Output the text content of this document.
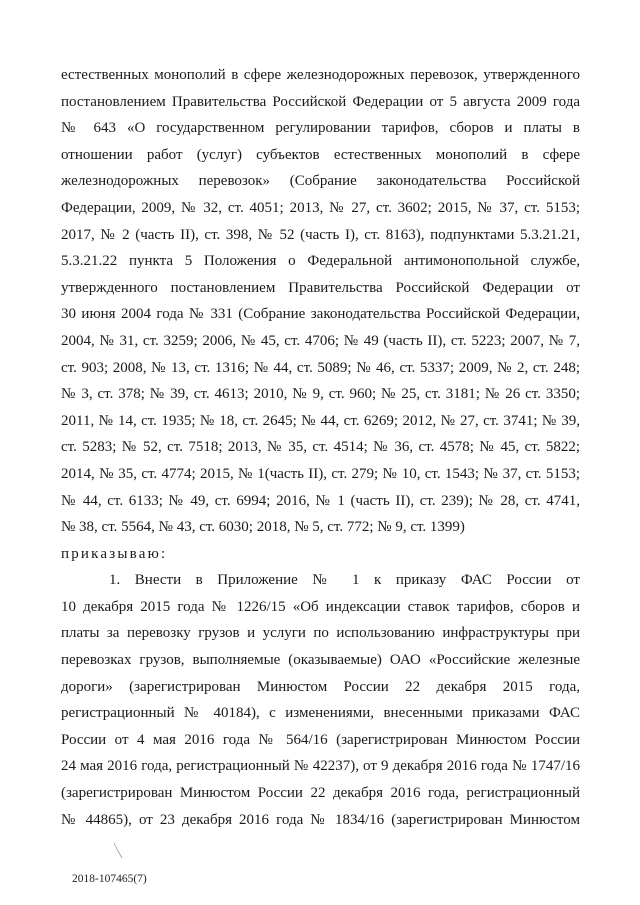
естественных монополий в сфере железнодорожных перевозок, утвержденного
постановлением Правительства Российской Федерации от 5 августа 2009 года
№ 643 «О государственном регулировании тарифов, сборов и платы в
отношении работ (услуг) субъектов естественных монополий в сфере
железнодорожных перевозок» (Собрание законодательства Российской
Федерации, 2009, № 32, ст. 4051; 2013, № 27, ст. 3602; 2015, № 37, ст. 5153;
2017, № 2 (часть II), ст. 398, № 52 (часть I), ст. 8163), подпунктами 5.3.21.21,
5.3.21.22 пункта 5 Положения о Федеральной антимонопольной службе,
утвержденного постановлением Правительства Российской Федерации от
30 июня 2004 года № 331 (Собрание законодательства Российской Федерации,
2004, № 31, ст. 3259; 2006, № 45, ст. 4706; № 49 (часть II), ст. 5223; 2007, № 7,
ст. 903; 2008, № 13, ст. 1316; № 44, ст. 5089; № 46, ст. 5337; 2009, № 2, ст. 248;
№ 3, ст. 378; № 39, ст. 4613; 2010, № 9, ст. 960; № 25, ст. 3181; № 26 ст. 3350;
2011, № 14, ст. 1935; № 18, ст. 2645; № 44, ст. 6269; 2012, № 27, ст. 3741; № 39,
ст. 5283; № 52, ст. 7518; 2013, № 35, ст. 4514; № 36, ст. 4578; № 45, ст. 5822;
2014, № 35, ст. 4774; 2015, № 1(часть II), ст. 279; № 10, ст. 1543; № 37, ст. 5153;
№ 44, ст. 6133; № 49, ст. 6994; 2016, № 1 (часть II), ст. 239); № 28, ст. 4741,
№ 38, ст. 5564, № 43, ст. 6030; 2018, № 5, ст. 772; № 9, ст. 1399)
приказываю:
1. Внести в Приложение № 1 к приказу ФАС России от
10 декабря 2015 года № 1226/15 «Об индексации ставок тарифов, сборов и
платы за перевозку грузов и услуги по использованию инфраструктуры при
перевозках грузов, выполняемые (оказываемые) ОАО «Российские железные
дороги» (зарегистрирован Минюстом России 22 декабря 2015 года,
регистрационный № 40184), с изменениями, внесенными приказами ФАС
России от 4 мая 2016 года № 564/16 (зарегистрирован Минюстом России
24 мая 2016 года, регистрационный № 42237), от 9 декабря 2016 года № 1747/16
(зарегистрирован Минюстом России 22 декабря 2016 года, регистрационный
№ 44865), от 23 декабря 2016 года № 1834/16 (зарегистрирован Минюстом
2018-107465(7)
